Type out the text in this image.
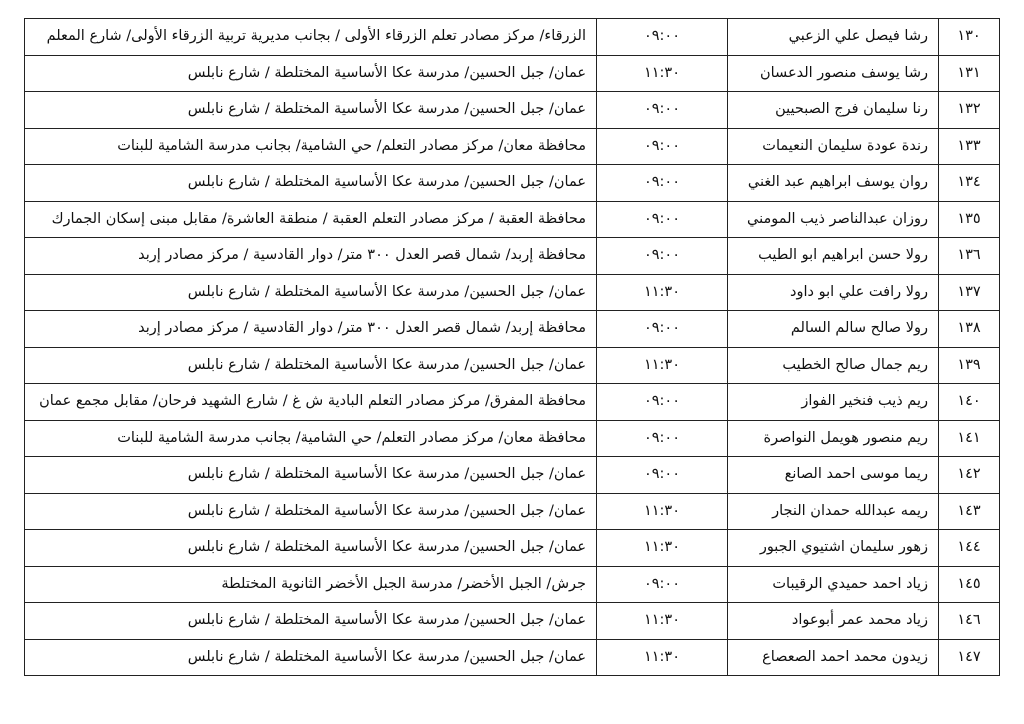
١٣٠	رشا فيصل علي الزعبي	٠٩:٠٠	الزرقاء/ مركز مصادر تعلم الزرقاء الأولى / بجانب مديرية تربية الزرقاء الأولى/ شارع المعلم
١٣١	رشا يوسف منصور الدعسان	١١:٣٠	عمان/ جبل الحسين/ مدرسة عكا الأساسية المختلطة / شارع نابلس
١٣٢	رنا سليمان فرج الصبحيين	٠٩:٠٠	عمان/ جبل الحسين/ مدرسة عكا الأساسية المختلطة / شارع نابلس
١٣٣	رندة عودة سليمان النعيمات	٠٩:٠٠	محافظة معان/ مركز مصادر التعلم/ حي الشامية/ بجانب مدرسة الشامية للبنات
١٣٤	روان يوسف ابراهيم عبد الغني	٠٩:٠٠	عمان/ جبل الحسين/ مدرسة عكا الأساسية المختلطة / شارع نابلس
١٣٥	روزان عبدالناصر ذيب المومني	٠٩:٠٠	محافظة العقبة / مركز مصادر التعلم العقبة / منطقة العاشرة/ مقابل مبنى إسكان الجمارك
١٣٦	رولا حسن ابراهيم ابو الطيب	٠٩:٠٠	محافظة إربد/ شمال قصر العدل ٣٠٠ متر/ دوار القادسية / مركز مصادر إربد
١٣٧	رولا رافت علي ابو داود	١١:٣٠	عمان/ جبل الحسين/ مدرسة عكا الأساسية المختلطة / شارع نابلس
١٣٨	رولا صالح سالم السالم	٠٩:٠٠	محافظة إربد/ شمال قصر العدل ٣٠٠ متر/ دوار القادسية / مركز مصادر إربد
١٣٩	ريم جمال صالح الخطيب	١١:٣٠	عمان/ جبل الحسين/ مدرسة عكا الأساسية المختلطة / شارع نابلس
١٤٠	ريم ذيب فنخير الفواز	٠٩:٠٠	محافظة المفرق/ مركز مصادر التعلم البادية ش غ / شارع الشهيد فرحان/ مقابل مجمع عمان
١٤١	ريم منصور هويمل النواصرة	٠٩:٠٠	محافظة معان/ مركز مصادر التعلم/ حي الشامية/ بجانب مدرسة الشامية للبنات
١٤٢	ريما موسى احمد الصانع	٠٩:٠٠	عمان/ جبل الحسين/ مدرسة عكا الأساسية المختلطة / شارع نابلس
١٤٣	ريمه عبدالله حمدان النجار	١١:٣٠	عمان/ جبل الحسين/ مدرسة عكا الأساسية المختلطة / شارع نابلس
١٤٤	زهور سليمان اشتيوي الجبور	١١:٣٠	عمان/ جبل الحسين/ مدرسة عكا الأساسية المختلطة / شارع نابلس
١٤٥	زياد احمد حميدي الرقيبات	٠٩:٠٠	جرش/ الجبل الأخضر/ مدرسة الجبل الأخضر الثانوية المختلطة
١٤٦	زياد محمد عمر أبوعواد	١١:٣٠	عمان/ جبل الحسين/ مدرسة عكا الأساسية المختلطة / شارع نابلس
١٤٧	زيدون محمد احمد الصعصاع	١١:٣٠	عمان/ جبل الحسين/ مدرسة عكا الأساسية المختلطة / شارع نابلس
